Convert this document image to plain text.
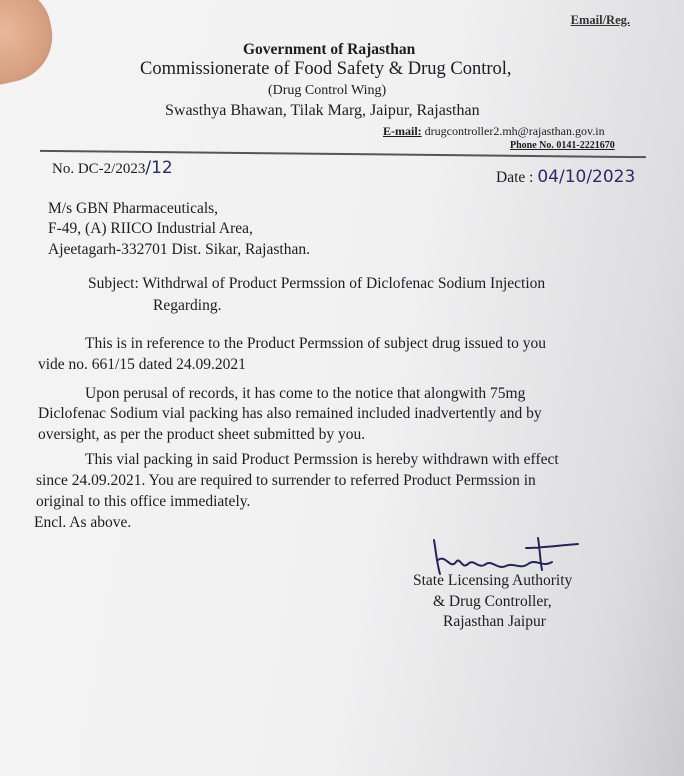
Email/Reg.
Government of Rajasthan
Commissionerate of Food Safety & Drug Control,
(Drug Control Wing)
Swasthya Bhawan, Tilak Marg, Jaipur, Rajasthan
E-mail: drugcontroller2.mh@rajasthan.gov.in
Phone No. 0141-2221670
No. DC-2/2023/12	Date : 04/10/2023
M/s GBN Pharmaceuticals,
F-49, (A) RIICO Industrial Area,
Ajeetagarh-332701 Dist. Sikar, Rajasthan.
Subject: Withdrwal of Product Permssion of Diclofenac Sodium Injection
Regarding.
This is in reference to the Product Permssion of subject drug issued to you
vide no. 661/15 dated 24.09.2021
Upon perusal of records, it has come to the notice that alongwith 75mg
Diclofenac Sodium vial packing has also remained included inadvertently and by
oversight, as per the product sheet submitted by you.
This vial packing in said Product Permssion is hereby withdrawn with effect
since 24.09.2021. You are required to surrender to referred Product Permssion in
original to this office immediately.
Encl. As above.
State Licensing Authority
& Drug Controller,
Rajasthan Jaipur
